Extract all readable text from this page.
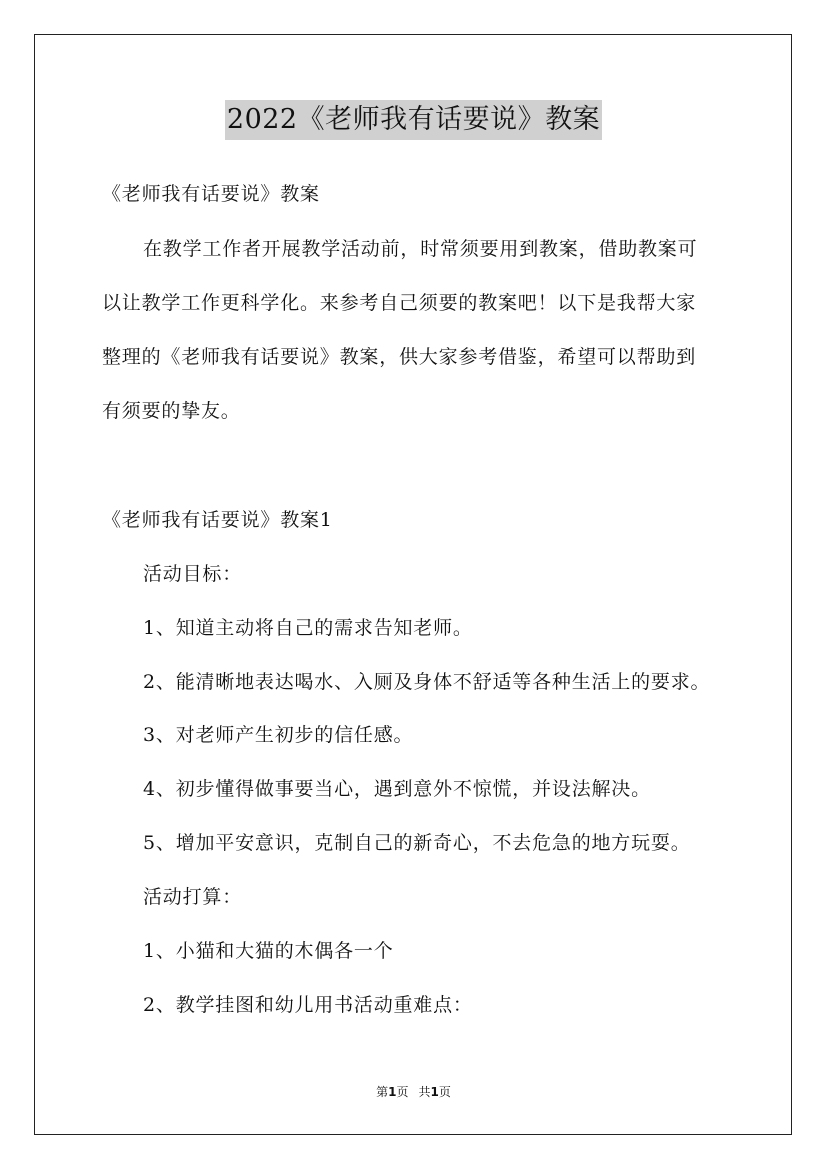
2022《老师我有话要说》教案
《老师我有话要说》教案
在教学工作者开展教学活动前，时常须要用到教案，借助教案可
以让教学工作更科学化。来参考自己须要的教案吧！以下是我帮大家
整理的《老师我有话要说》教案，供大家参考借鉴，希望可以帮助到
有须要的挚友。
《老师我有话要说》教案1
活动目标：
1、知道主动将自己的需求告知老师。
2、能清晰地表达喝水、入厕及身体不舒适等各种生活上的要求。
3、对老师产生初步的信任感。
4、初步懂得做事要当心，遇到意外不惊慌，并设法解决。
5、增加平安意识，克制自己的新奇心，不去危急的地方玩耍。
活动打算：
1、小猫和大猫的木偶各一个
2、教学挂图和幼儿用书活动重难点：
第1页 共1页
